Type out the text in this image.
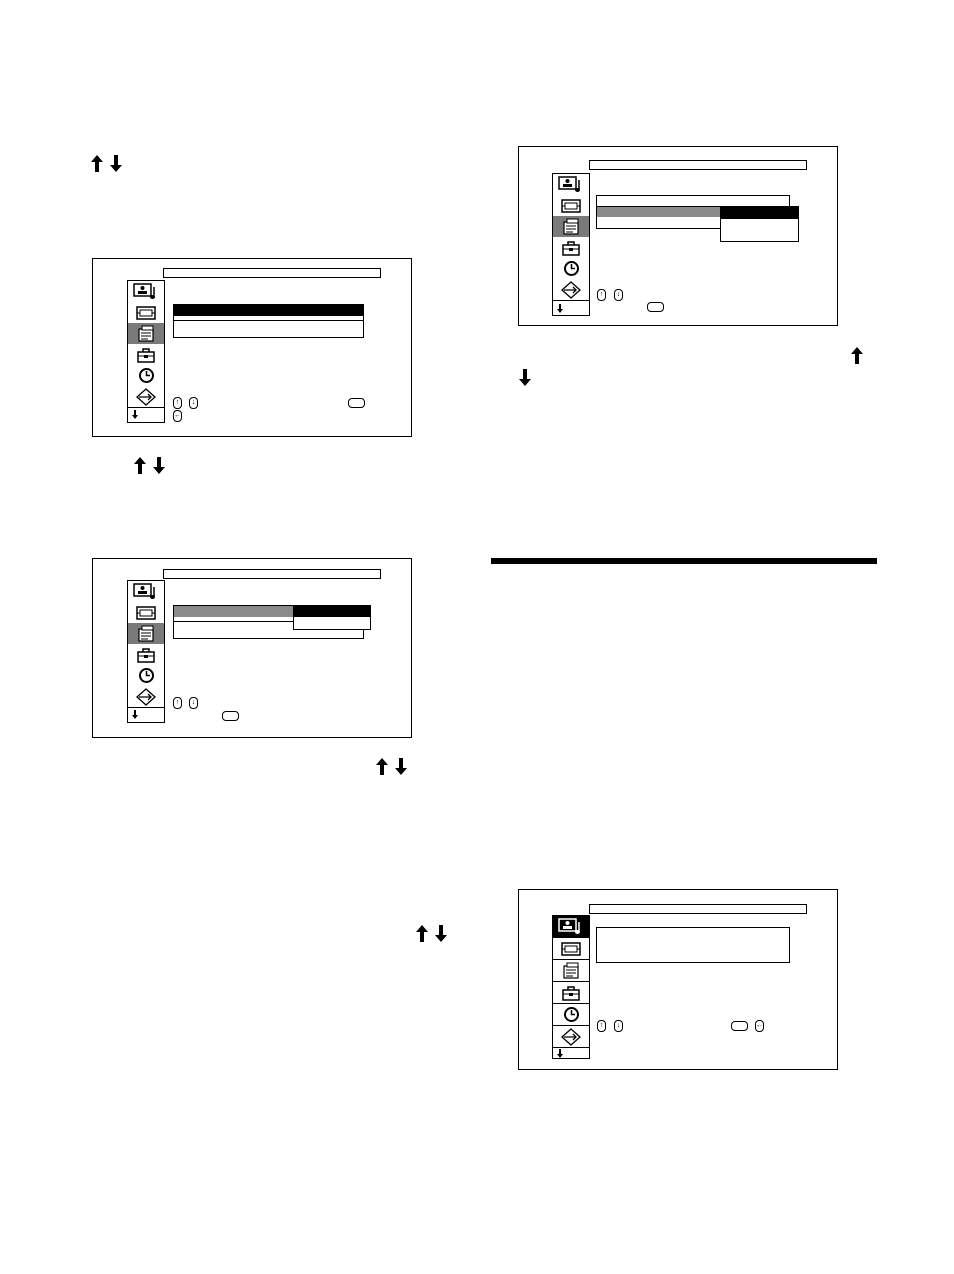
↑	↓
←
↑	↓
↑	↓
↑	↓	←
